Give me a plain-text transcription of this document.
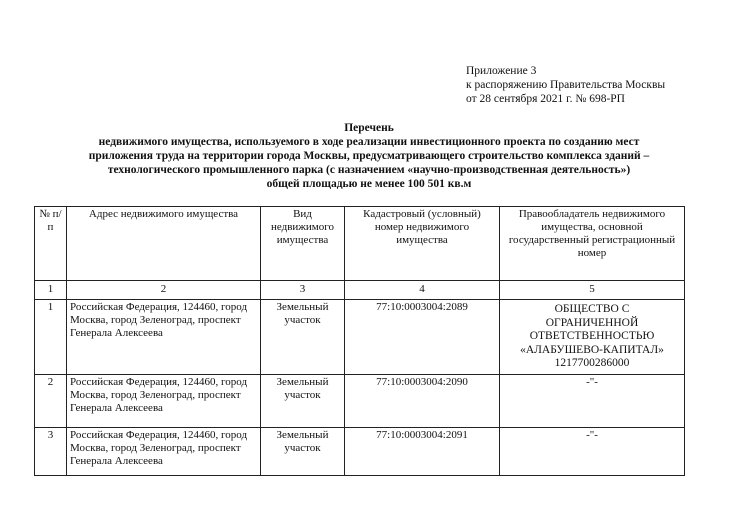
Приложение 3
к распоряжению Правительства Москвы
от 28 сентября 2021 г. № 698-РП
Перечень
недвижимого имущества, используемого в ходе реализации инвестиционного проекта по созданию мест
приложения труда на территории города Москвы, предусматривающего строительство комплекса зданий –
технологического промышленного парка (с назначением «научно-производственная деятельность»)
общей площадью не менее 100 501 кв.м
№ п/п	Адрес недвижимого имущества	Вид недвижимого имущества	Кадастровый (условный) номер недвижимого имущества	Правообладатель недвижимого имущества, основной государственный регистрационный номер
1	2	3	4	5
1	Российская Федерация, 124460, город Москва, город Зеленоград, проспект Генерала Алексеева	Земельный участок	77:10:0003004:2089	ОБЩЕСТВО С
ОГРАНИЧЕННОЙ
ОТВЕТСТВЕННОСТЬЮ
«АЛАБУШЕВО-КАПИТАЛ»
1217700286000

2	Российская Федерация, 124460, город Москва, город Зеленоград, проспект Генерала Алексеева	Земельный участок	77:10:0003004:2090	-"-
3	Российская Федерация, 124460, город Москва, город Зеленоград, проспект Генерала Алексеева	Земельный участок	77:10:0003004:2091	-"-
